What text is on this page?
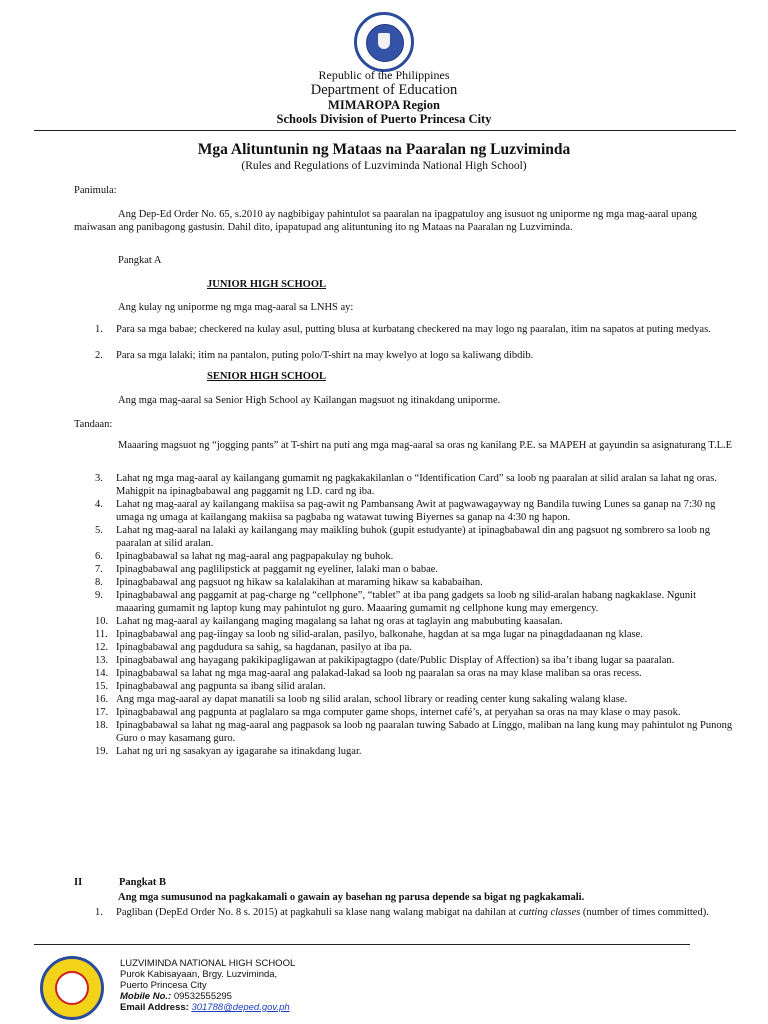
Republic of the Philippines
Department of Education
MIMAROPA Region
Schools Division of Puerto Princesa City
Mga Alituntunin ng Mataas na Paaralan ng Luzviminda
(Rules and Regulations of Luzviminda National High School)
Panimula:
Ang Dep-Ed Order No. 65, s.2010 ay nagbibigay pahintulot sa paaralan na ipagpatuloy ang isusuot ng uniporme ng mga mag-aaral upang maiwasan ang panibagong gastusin. Dahil dito, ipapatupad ang alituntuning ito ng Mataas na Paaralan ng Luzviminda.
Pangkat A
JUNIOR HIGH SCHOOL
Ang kulay ng uniporme ng mga mag-aaral sa LNHS ay:
1.	Para sa mga babae; checkered na kulay asul, putting blusa at kurbatang checkered na may logo ng paaralan, itim na sapatos at puting medyas.
2.	Para sa mga lalaki; itim na pantalon, puting polo/T-shirt na may kwelyo at logo sa kaliwang dibdib.
SENIOR HIGH SCHOOL
Ang mga mag-aaral sa Senior High School ay Kailangan magsuot ng itinakdang uniporme.
Tandaan:
Maaaring magsuot ng “jogging pants” at T-shirt na puti ang mga mag-aaral sa oras ng kanilang P.E. sa MAPEH at gayundin sa asignaturang T.L.E
3.	Lahat ng mga mag-aaral ay kailangang gumamit ng pagkakakilanlan o “Identification Card” sa loob ng paaralan at silid aralan sa lahat ng oras. Mahigpit na ipinagbabawal ang paggamit ng I.D. card ng iba.
4.	Lahat ng mag-aaral ay kailangang makiisa sa pag-awit ng Pambansang Awit at pagwawagayway ng Bandila tuwing Lunes sa ganap na 7:30 ng umaga ng umaga at kailangang makiisa sa pagbaba ng watawat tuwing Biyernes sa ganap na 4:30 ng hapon.
5.	Lahat ng mag-aaral na lalaki ay kailangang may maikling buhok (gupit estudyante) at ipinagbabawal din ang pagsuot ng sombrero sa loob ng paaralan at silid aralan.
6.	Ipinagbabawal sa lahat ng mag-aaral ang pagpapakulay ng buhok.
7.	Ipinagbabawal ang paglilipstick at paggamit ng eyeliner, lalaki man o babae.
8.	Ipinagbabawal ang pagsuot ng hikaw sa kalalakihan at maraming hikaw sa kababaihan.
9.	Ipinagbabawal ang paggamit at pag-charge ng “cellphone”, “tablet” at iba pang gadgets sa loob ng silid-aralan habang nagkaklase. Ngunit maaaring gumamit ng laptop kung may pahintulot ng guro. Maaaring gumamit ng cellphone kung may emergency.
10. Lahat ng mag-aaral ay kailangang maging magalang sa lahat ng oras at taglayin ang mabubuting kaasalan.
11. Ipinagbabawal ang pag-iingay sa loob ng silid-aralan, pasilyo, balkonahe, hagdan at sa mga lugar na pinagdadaanan ng klase.
12. Ipinagbabawal ang pagdudura sa sahig, sa hagdanan, pasilyo at iba pa.
13. Ipinagbabawal ang hayagang pakikipagligawan at pakikipagtagpo (date/Public Display of Affection) sa iba’t ibang lugar sa paaralan.
14. Ipinagbabawal sa lahat ng mga mag-aaral ang palakad-lakad sa loob ng paaralan sa oras na may klase maliban sa oras recess.
15. Ipinagbabawal ang pagpunta sa ibang silid aralan.
16. Ang mga mag-aaral ay dapat manatili sa loob ng silid aralan, school library or reading center kung sakaling walang klase.
17. Ipinagbabawal ang pagpunta at paglalaro sa mga computer game shops, internet café’s, at peryahan sa oras na may klase o may pasok.
18. Ipinagbabawal sa lahat ng mag-aaral ang pagpasok sa loob ng paaralan tuwing Sabado at Linggo, maliban na lang kung may pahintulot ng Punong Guro o may kasamang guro.
19. Lahat ng uri ng sasakyan ay igagarahe sa itinakdang lugar.
II	Pangkat B
Ang mga sumusunod na pagkakamali o gawain ay basehan ng parusa depende sa bigat ng pagkakamali.
1.	Pagliban (DepEd Order No. 8 s. 2015) at pagkahuli sa klase nang walang mabigat na dahilan at cutting classes (number of times committed).
LUZVIMINDA NATIONAL HIGH SCHOOL
Purok Kabisayaan, Brgy. Luzviminda,
Puerto Princesa City
Mobile No.: 09532555295
Email Address: 301788@deped.gov.ph
